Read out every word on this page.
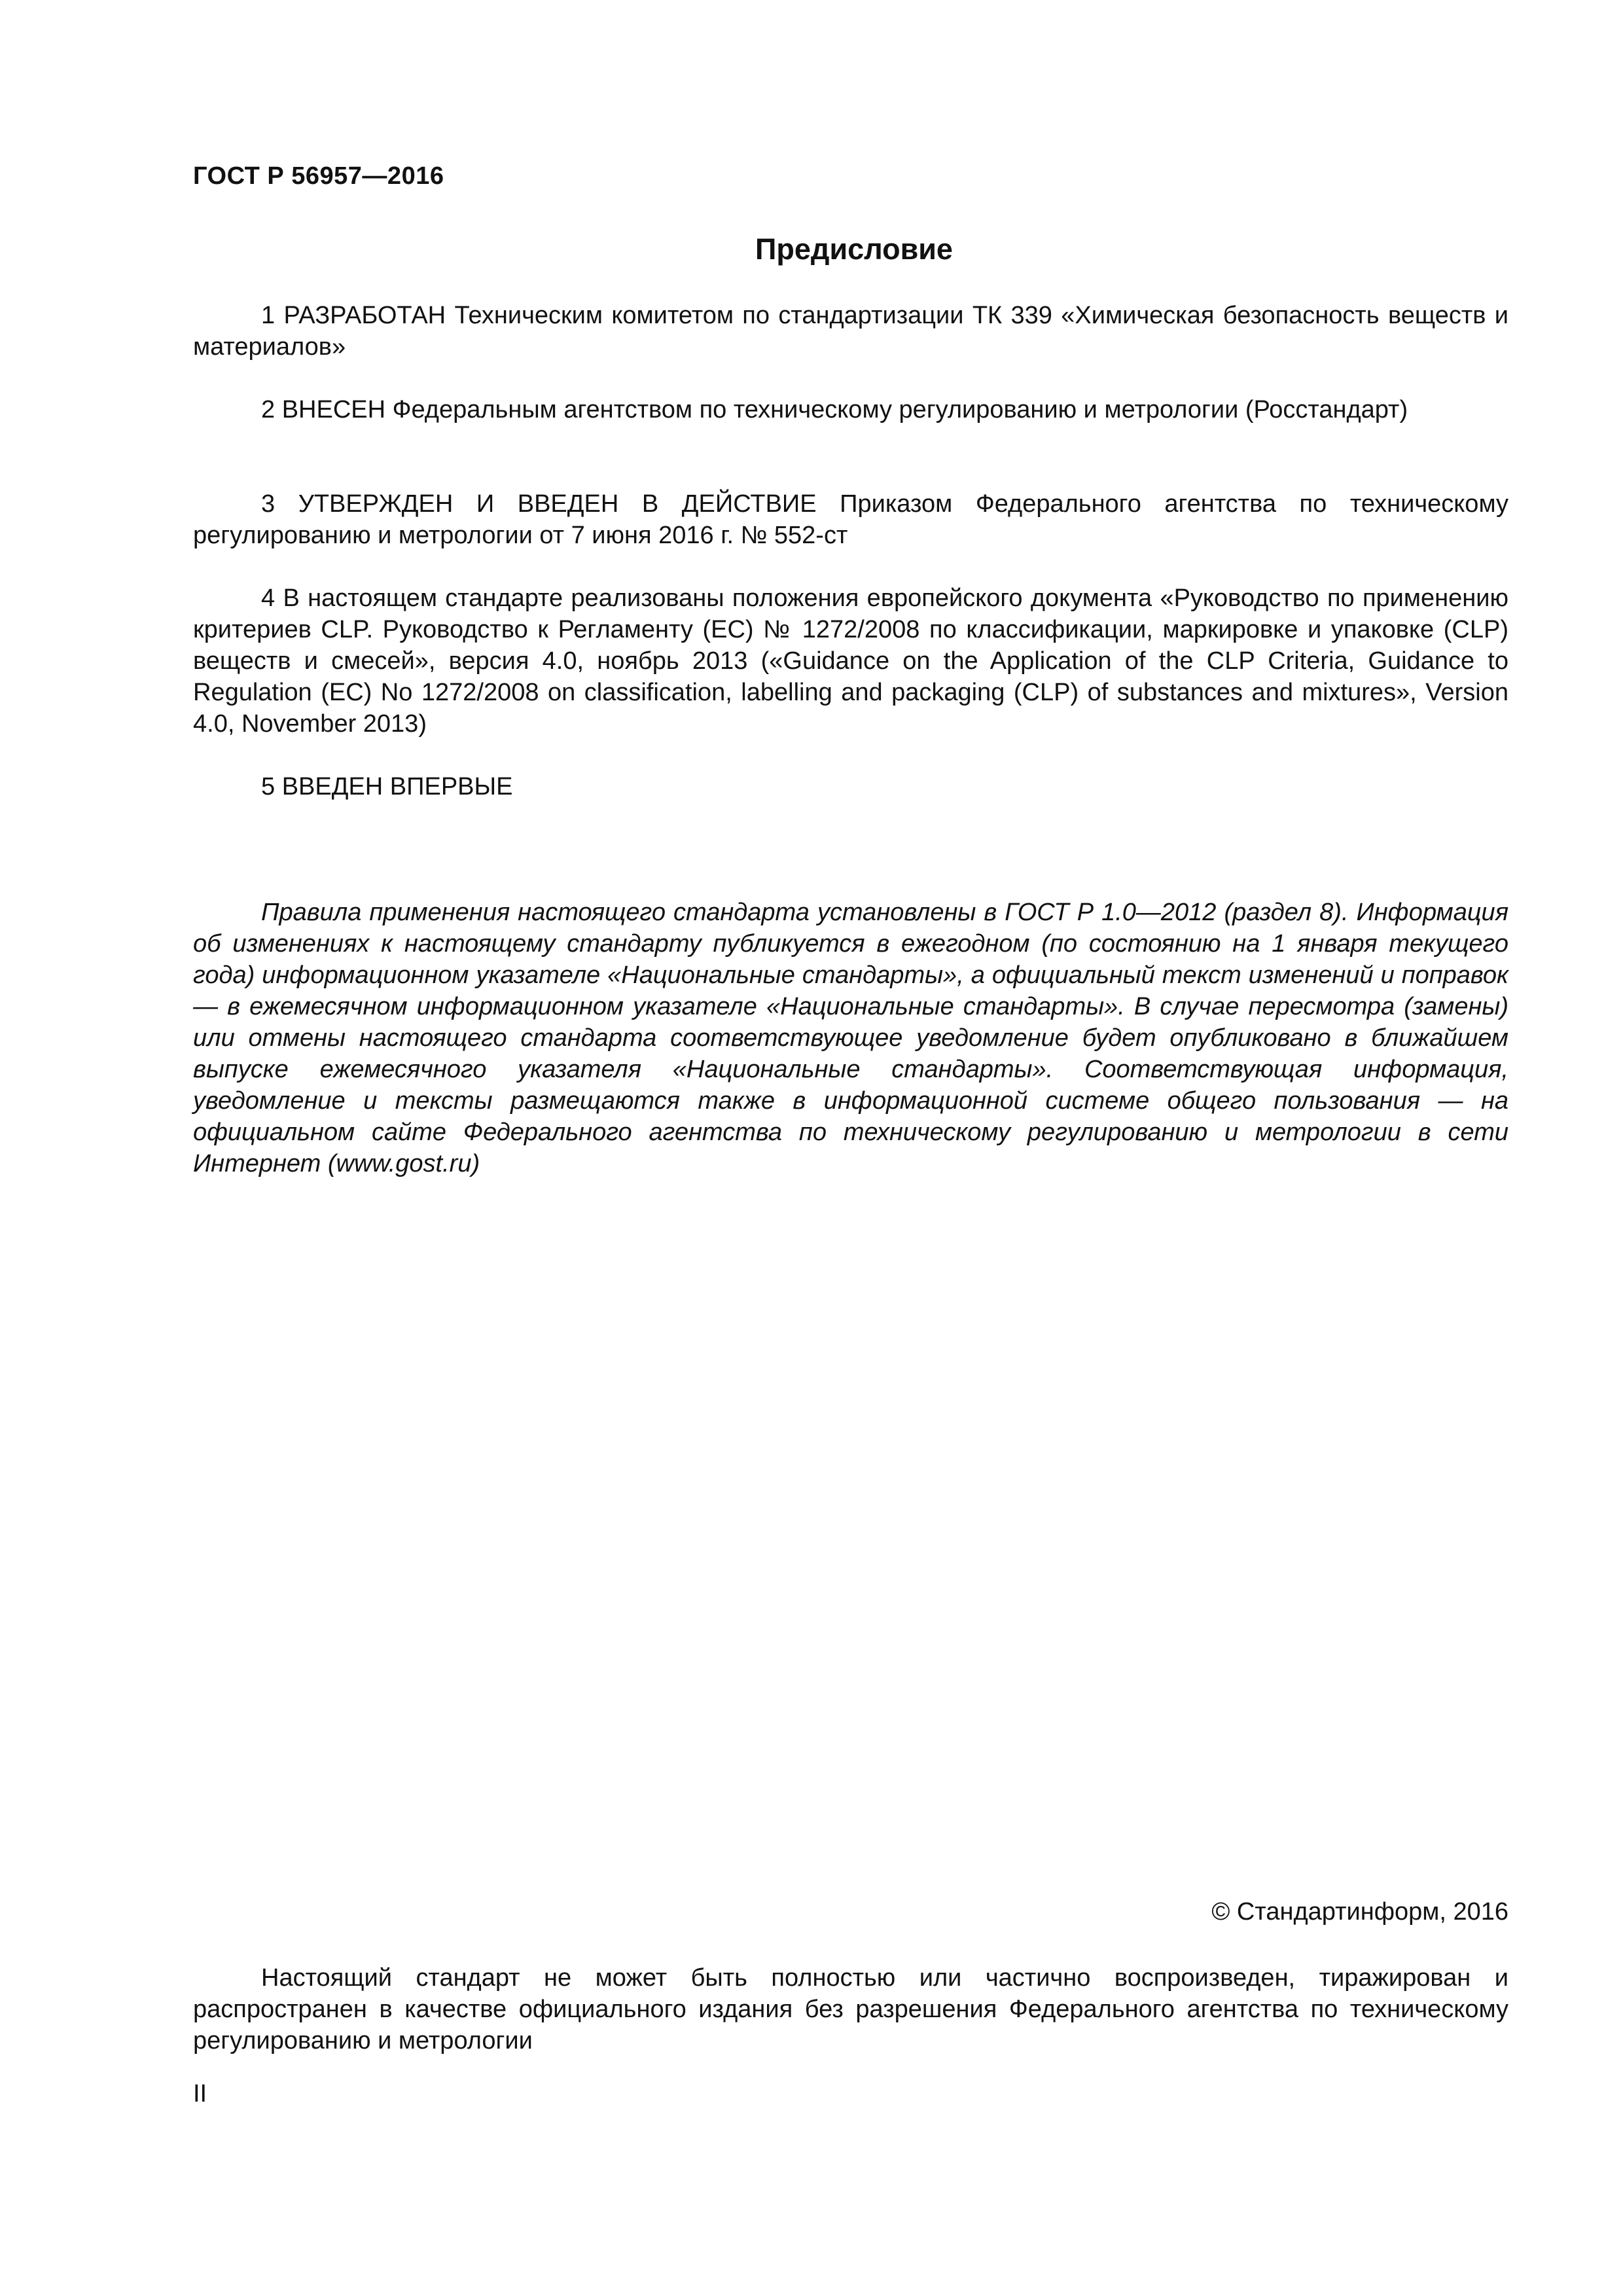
ГОСТ Р 56957—2016

Предисловие

1 РАЗРАБОТАН Техническим комитетом по стандартизации ТК 339 «Химическая безопасность веществ и материалов»

2 ВНЕСЕН Федеральным агентством по техническому регулированию и метрологии (Росстандарт)

3 УТВЕРЖДЕН И ВВЕДЕН В ДЕЙСТВИЕ Приказом Федерального агентства по техническому регулированию и метрологии от 7 июня 2016 г. № 552-ст

4 В настоящем стандарте реализованы положения европейского документа «Руководство по применению критериев CLP. Руководство к Регламенту (ЕС) № 1272/2008 по классификации, маркировке и упаковке (CLP) веществ и смесей», версия 4.0, ноябрь 2013 («Guidance on the Application of the CLP Criteria, Guidance to Regulation (EC) No 1272/2008 on classification, labelling and packaging (CLP) of substances and mixtures», Version 4.0, November 2013)

5 ВВЕДЕН ВПЕРВЫЕ

Правила применения настоящего стандарта установлены в ГОСТ Р 1.0—2012 (раздел 8). Информация об изменениях к настоящему стандарту публикуется в ежегодном (по состоянию на 1 января текущего года) информационном указателе «Национальные стандарты», а официальный текст изменений и поправок — в ежемесячном информационном указателе «Национальные стандарты». В случае пересмотра (замены) или отмены настоящего стандарта соответствующее уведомление будет опубликовано в ближайшем выпуске ежемесячного указателя «Национальные стандарты». Соответствующая информация, уведомление и тексты размещаются также в информационной системе общего пользования — на официальном сайте Федерального агентства по техническому регулированию и метрологии в сети Интернет (www.gost.ru)

© Стандартинформ, 2016

Настоящий стандарт не может быть полностью или частично воспроизведен, тиражирован и распространен в качестве официального издания без разрешения Федерального агентства по техническому регулированию и метрологии

II
